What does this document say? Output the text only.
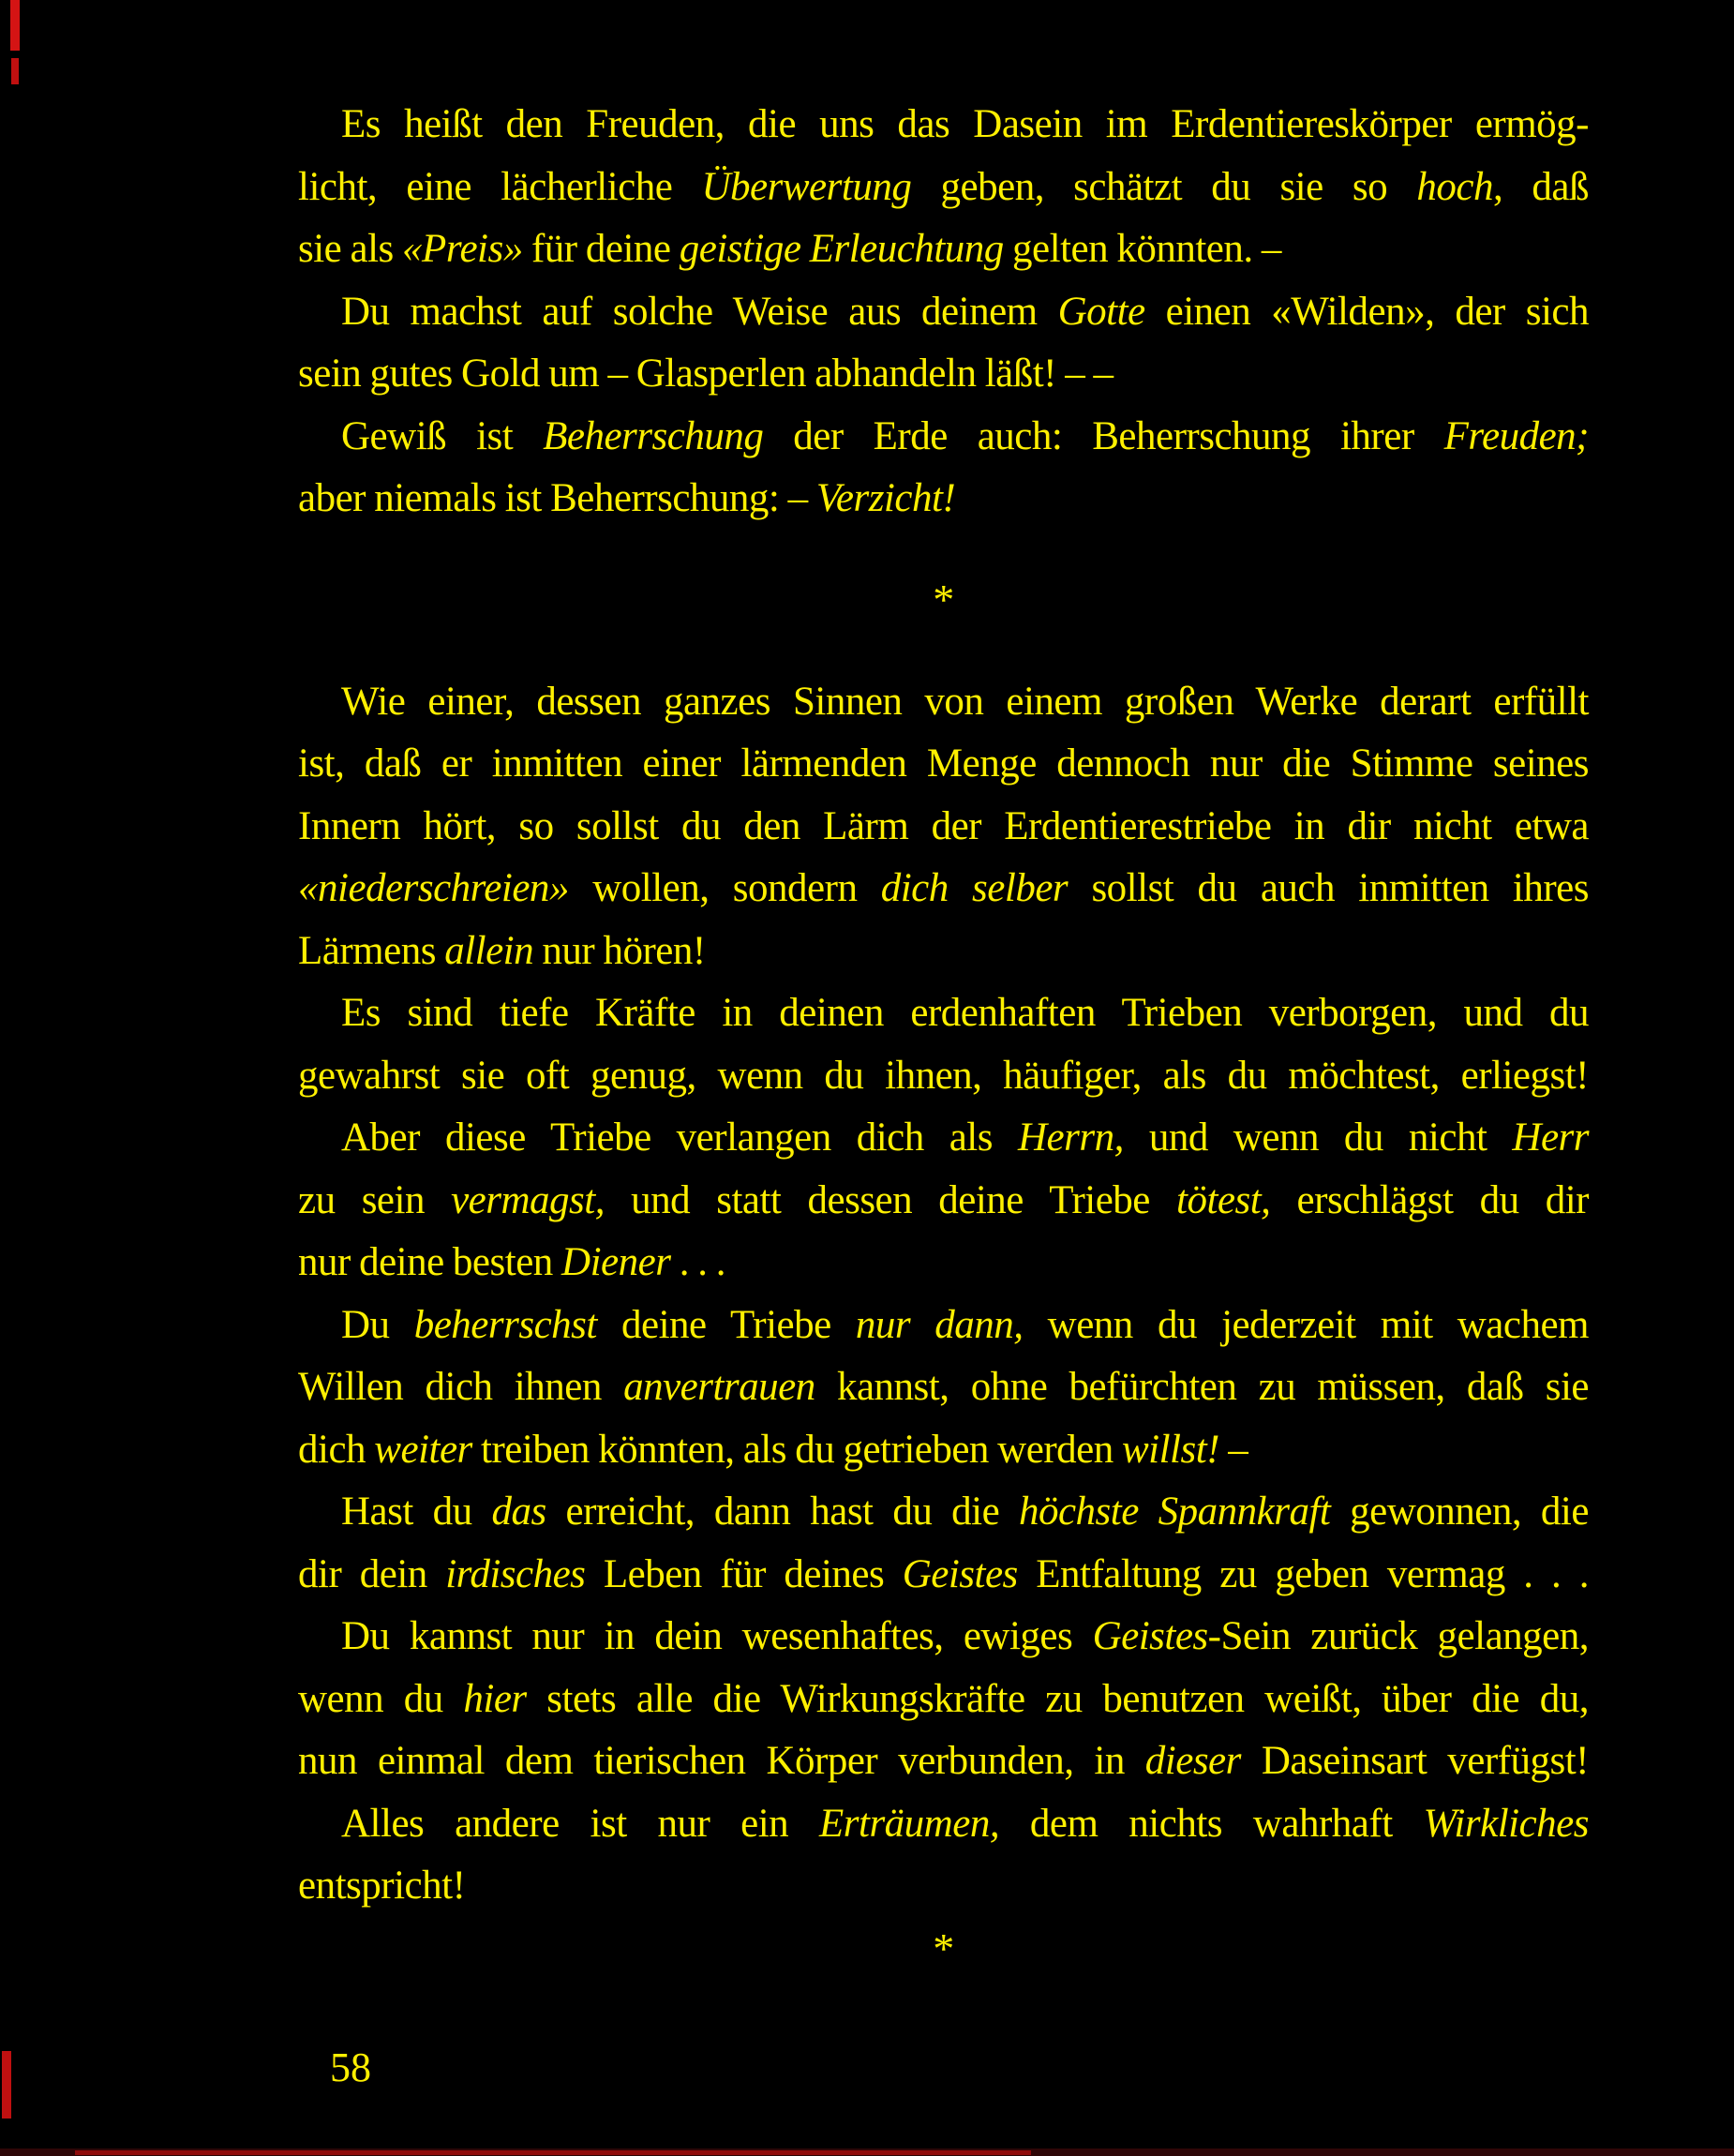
Es heißt den Freuden, die uns das Dasein im Erdentiereskörper ermög-
licht, eine lächerliche Überwertung geben, schätzt du sie so hoch, daß
sie als «Preis» für deine geistige Erleuchtung gelten könnten. –
Du machst auf solche Weise aus deinem Gotte einen «Wilden», der sich
sein gutes Gold um – Glasperlen abhandeln läßt! – –
Gewiß ist Beherrschung der Erde auch: Beherrschung ihrer Freuden;
aber niemals ist Beherrschung: – Verzicht!
*
Wie einer, dessen ganzes Sinnen von einem großen Werke derart erfüllt
ist, daß er inmitten einer lärmenden Menge dennoch nur die Stimme seines
Innern hört, so sollst du den Lärm der Erdentierestriebe in dir nicht etwa
«niederschreien» wollen, sondern dich selber sollst du auch inmitten ihres
Lärmens allein nur hören!
Es sind tiefe Kräfte in deinen erdenhaften Trieben verborgen, und du
gewahrst sie oft genug, wenn du ihnen, häufiger, als du möchtest, erliegst!
Aber diese Triebe verlangen dich als Herrn, und wenn du nicht Herr
zu sein vermagst, und statt dessen deine Triebe tötest, erschlägst du dir
nur deine besten Diener . . .
Du beherrschst deine Triebe nur dann, wenn du jederzeit mit wachem
Willen dich ihnen anvertrauen kannst, ohne befürchten zu müssen, daß sie
dich weiter treiben könnten, als du getrieben werden willst! –
Hast du das erreicht, dann hast du die höchste Spannkraft gewonnen, die
dir dein irdisches Leben für deines Geistes Entfaltung zu geben vermag . . .
Du kannst nur in dein wesenhaftes, ewiges Geistes-Sein zurück gelangen,
wenn du hier stets alle die Wirkungskräfte zu benutzen weißt, über die du,
nun einmal dem tierischen Körper verbunden, in dieser Daseinsart verfügst!
Alles andere ist nur ein Erträumen, dem nichts wahrhaft Wirkliches
entspricht!
*
58
